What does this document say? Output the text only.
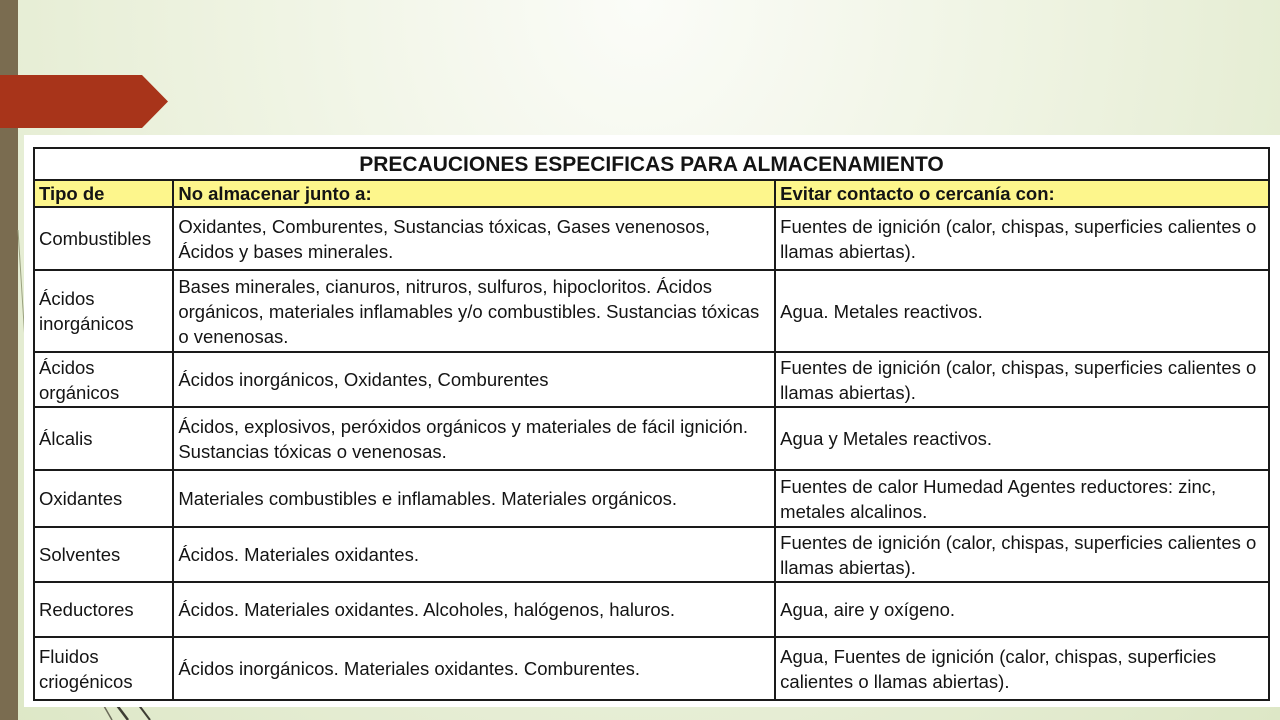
PRECAUCIONES ESPECIFICAS PARA ALMACENAMIENTO		
Tipo de	No almacenar junto a:	Evitar contacto o cercanía con:
Combustibles	Oxidantes, Comburentes, Sustancias tóxicas, Gases venenosos, Ácidos y bases minerales.	Fuentes de ignición (calor, chispas, superficies calientes o llamas abiertas).
Ácidos inorgánicos	Bases minerales, cianuros, nitruros, sulfuros, hipocloritos. Ácidos orgánicos, materiales inflamables y/o combustibles. Sustancias tóxicas o venenosas.	Agua. Metales reactivos.
Ácidos orgánicos	Ácidos inorgánicos, Oxidantes, Comburentes	Fuentes de ignición (calor, chispas, superficies calientes o llamas abiertas).
Álcalis	Ácidos, explosivos, peróxidos orgánicos y materiales de fácil ignición. Sustancias tóxicas o venenosas.	Agua y Metales reactivos.
Oxidantes	Materiales combustibles e inflamables. Materiales orgánicos.	Fuentes de calor Humedad Agentes reductores: zinc, metales alcalinos.
Solventes	Ácidos. Materiales oxidantes.	Fuentes de ignición (calor, chispas, superficies calientes o llamas abiertas).
Reductores	Ácidos. Materiales oxidantes. Alcoholes, halógenos, haluros.	Agua, aire y oxígeno.
Fluidos criogénicos	Ácidos inorgánicos. Materiales oxidantes. Comburentes.	Agua, Fuentes de ignición (calor, chispas, superficies calientes o llamas abiertas).
